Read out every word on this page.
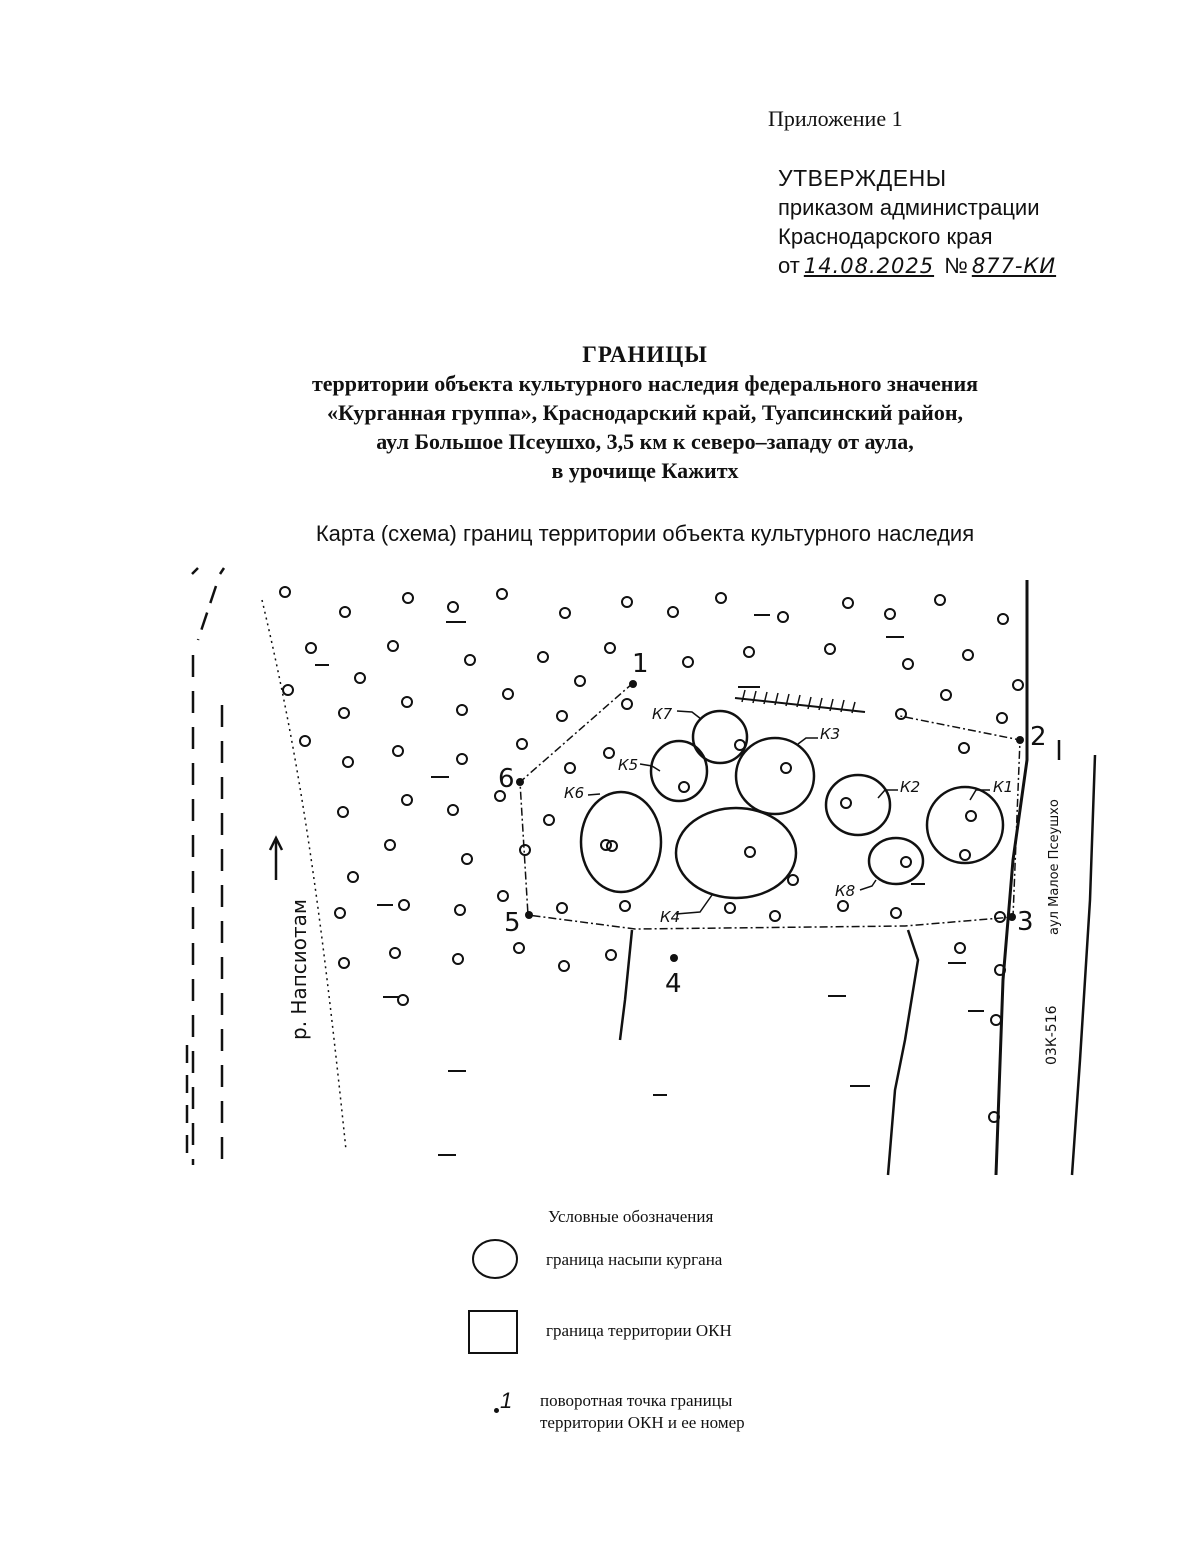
Приложение 1
УТВЕРЖДЕНЫ
приказом администрации
Краснодарского края
от 14.08.2025 № 877-КИ
ГРАНИЦЫ
территории объекта культурного наследия федерального значения
«Курганная группа», Краснодарский край, Туапсинский район,
аул Большое Псеушхо, 3,5 км к северо–западу от аула,
в урочище Кажитх
Карта (схема) границ территории объекта культурного наследия
К1
К2
К3
К4
К5
К6
К7
К8
1
2
3
4
5
6
р. Напсиотам
аул Малое Псеушхо
03К-516
Условные обозначения
граница насыпи кургана
граница территории ОКН
1 поворотная точка границы
территории ОКН и ее номер
